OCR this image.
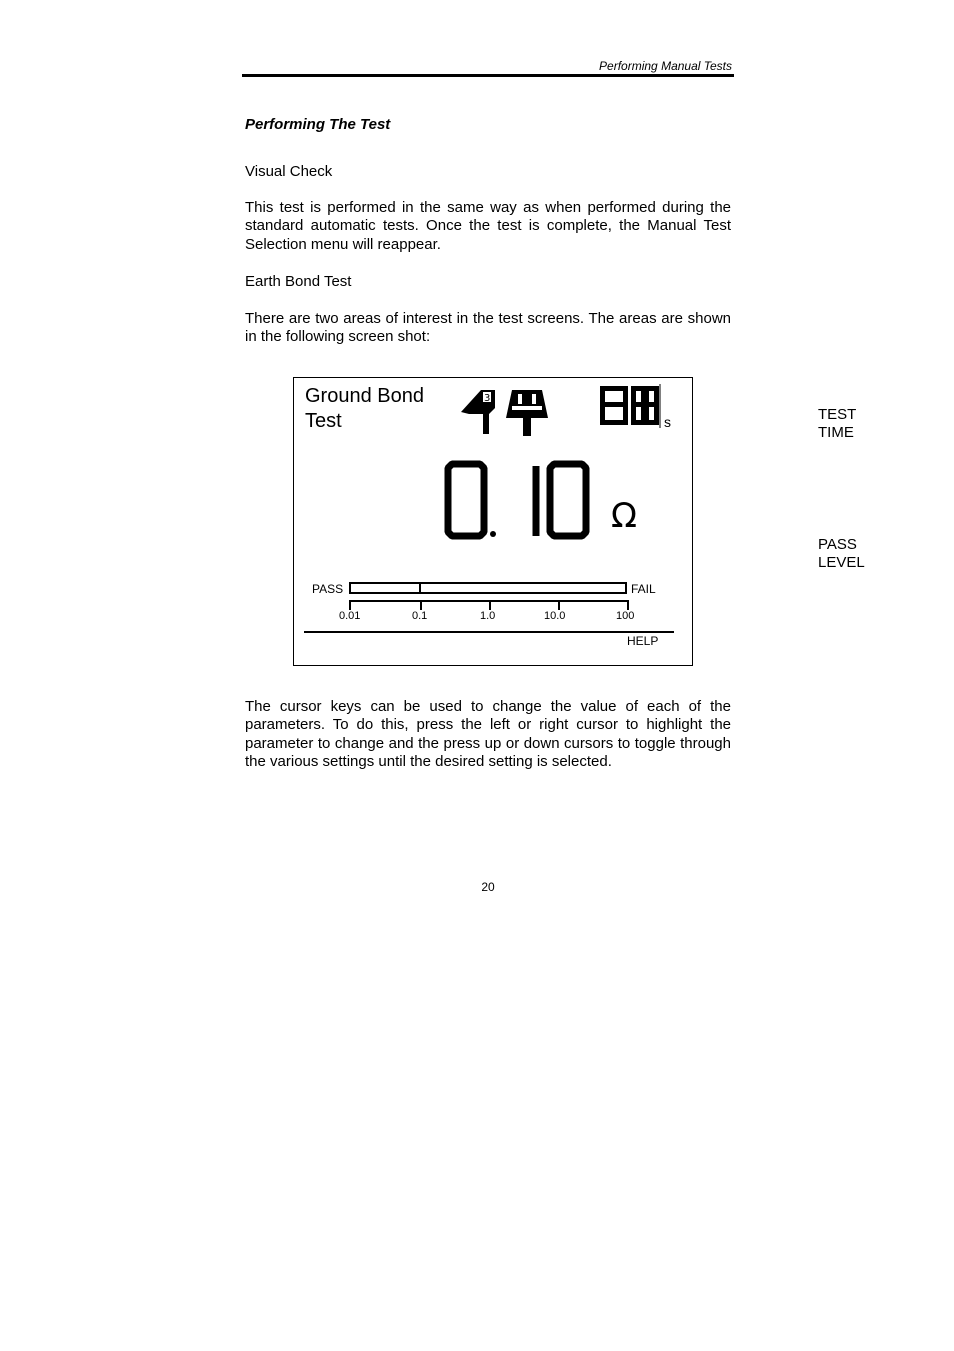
Performing Manual Tests
Performing The Test
Visual Check
This test is performed in the same way as when performed during the standard automatic tests. Once the test is complete, the Manual Test Selection menu will reappear.
Earth Bond Test
There are two areas of interest in the test screens. The areas are shown in the following screen shot:
Ground Bond
Test
3
s
Ω
PASS	FAIL
0.01	0.1	1.0	10.0	100
HELP
TEST
TIME
PASS
LEVEL
The cursor keys can be used to change the value of each of the parameters. To do this, press the left or right cursor to highlight the parameter to change and the press up or down cursors to toggle through the various settings until the desired setting is selected.
20
